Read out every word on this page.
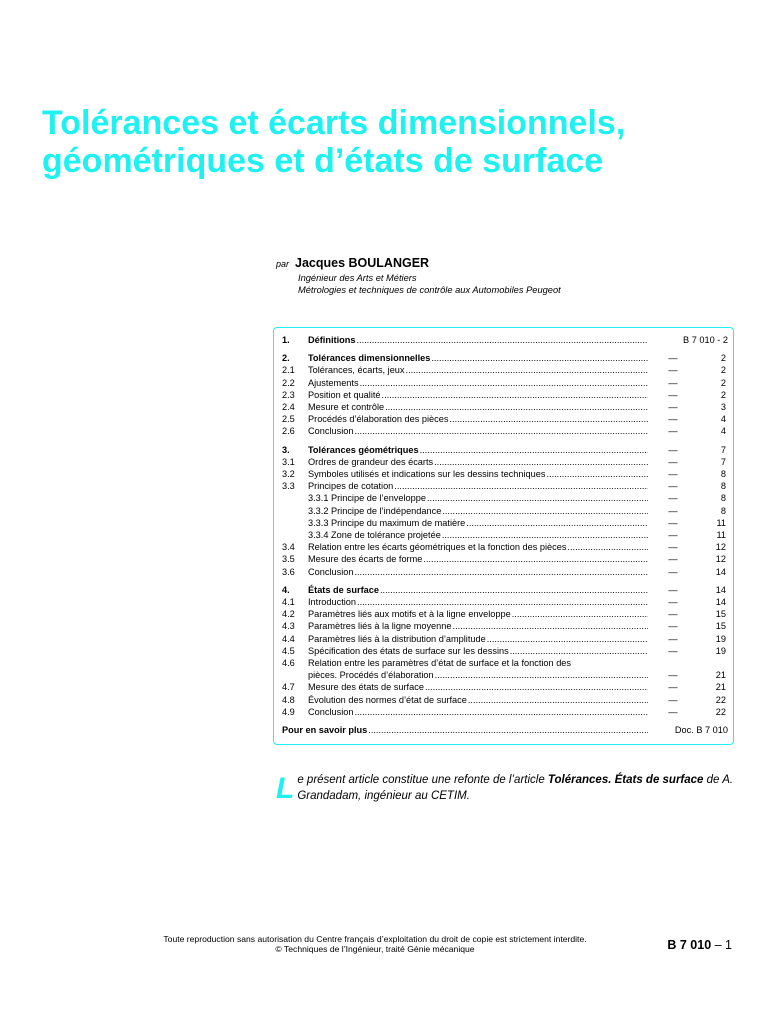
Tolérances et écarts dimensionnels,
géométriques et d’états de surface
par Jacques BOULANGER
Ingénieur des Arts et Métiers
Métrologies et techniques de contrôle aux Automobiles Peugeot
1.	Définitions .....	B 7 010 - 2
2.	Tolérances dimensionnelles .....	—	2
2.1	Tolérances, écarts, jeux .....	—	2
2.2	Ajustements .....	—	2
2.3	Position et qualité .....	—	2
2.4	Mesure et contrôle .....	—	3
2.5	Procédés d’élaboration des pièces .....	—	4
2.6	Conclusion .....	—	4
3.	Tolérances géométriques .....	—	7
3.1	Ordres de grandeur des écarts .....	—	7
3.2	Symboles utilisés et indications sur les dessins techniques .....	—	8
3.3	Principes de cotation .....	—	8
3.3.1 Principe de l’enveloppe .....	—	8
3.3.2 Principe de l’indépendance .....	—	8
3.3.3 Principe du maximum de matière .....	—	11
3.3.4 Zone de tolérance projetée .....	—	11
3.4	Relation entre les écarts géométriques et la fonction des pièces .....	—	12
3.5	Mesure des écarts de forme .....	—	12
3.6	Conclusion .....	—	14
4.	États de surface .....	—	14
4.1	Introduction .....	—	14
4.2	Paramètres liés aux motifs et à la ligne enveloppe .....	—	15
4.3	Paramètres liés à la ligne moyenne .....	—	15
4.4	Paramètres liés à la distribution d’amplitude .....	—	19
4.5	Spécification des états de surface sur les dessins .....	—	19
4.6	Relation entre les paramètres d’état de surface et la fonction des
pièces. Procédés d’élaboration .....	—	21
4.7	Mesure des états de surface .....	—	21
4.8	Évolution des normes d’état de surface .....	—	22
4.9	Conclusion .....	—	22
Pour en savoir plus .....	Doc. B 7 010
Le présent article constitue une refonte de l’article Tolérances. États de surface de A. Grandadam, ingénieur au CETIM.
Toute reproduction sans autorisation du Centre français d’exploitation du droit de copie est strictement interdite.
© Techniques de l’Ingénieur, traité Génie mécanique	B 7 010 – 1
